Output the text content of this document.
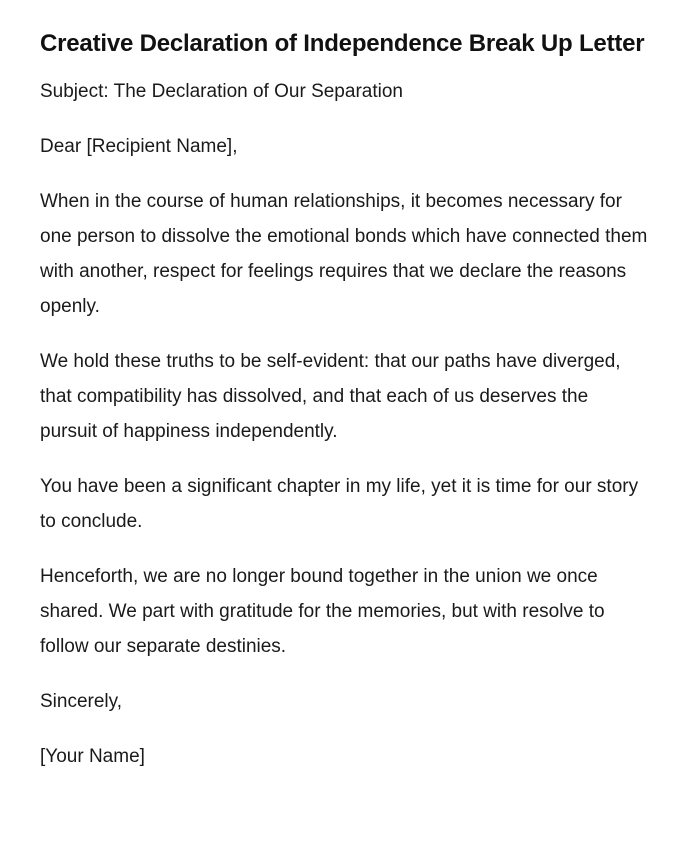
Creative Declaration of Independence Break Up Letter

Subject: The Declaration of Our Separation

Dear [Recipient Name],

When in the course of human relationships, it becomes necessary for one person to dissolve the emotional bonds which have connected them with another, respect for feelings requires that we declare the reasons openly.

We hold these truths to be self-evident: that our paths have diverged, that compatibility has dissolved, and that each of us deserves the pursuit of happiness independently.

You have been a significant chapter in my life, yet it is time for our story to conclude.

Henceforth, we are no longer bound together in the union we once shared. We part with gratitude for the memories, but with resolve to follow our separate destinies.

Sincerely,

[Your Name]
